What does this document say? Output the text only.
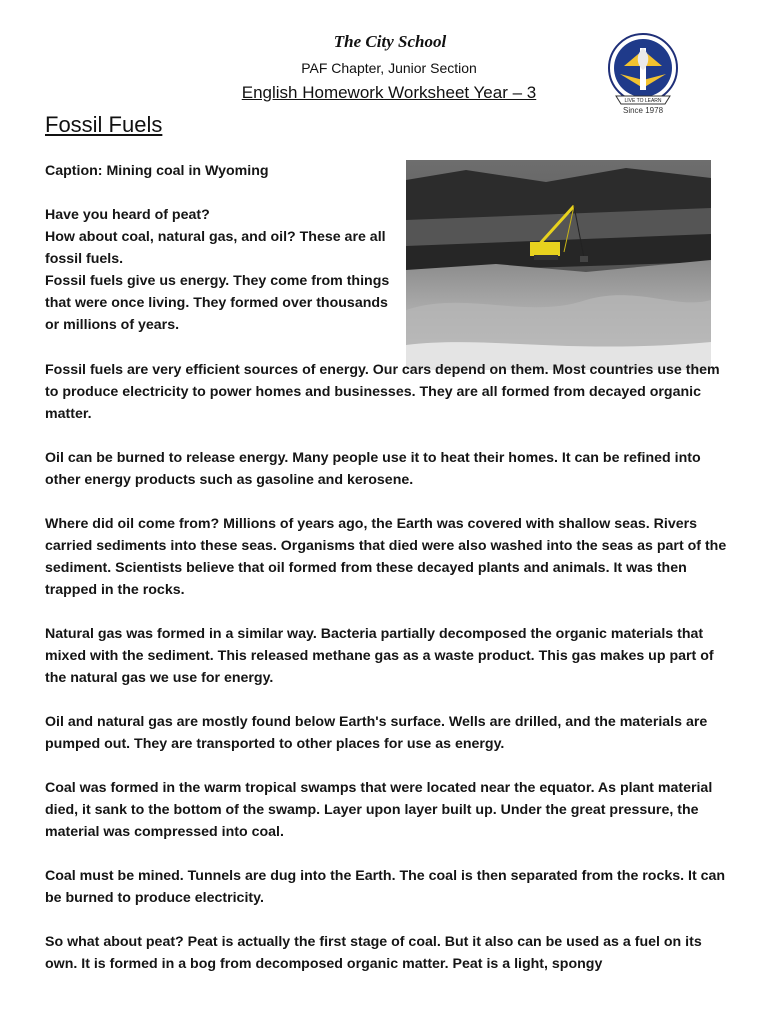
The City School
PAF Chapter, Junior Section
English Homework Worksheet Year – 3	LIVE TO LEARN
Since 1978
Fossil Fuels

Caption: Mining coal in Wyoming

Have you heard of peat?

How about coal, natural gas, and oil? These are all fossil fuels.

Fossil fuels give us energy. They come from things that were once living. They formed over thousands or millions of years.

Fossil fuels are very efficient sources of energy. Our cars depend on them. Most countries use them to produce electricity to power homes and businesses. They are all formed from decayed organic matter.

Oil can be burned to release energy. Many people use it to heat their homes. It can be refined into other energy products such as gasoline and kerosene.

Where did oil come from? Millions of years ago, the Earth was covered with shallow seas. Rivers carried sediments into these seas. Organisms that died were also washed into the seas as part of the sediment. Scientists believe that oil formed from these decayed plants and animals. It was then trapped in the rocks.

Natural gas was formed in a similar way. Bacteria partially decomposed the organic materials that mixed with the sediment. This released methane gas as a waste product. This gas makes up part of the natural gas we use for energy.

Oil and natural gas are mostly found below Earth's surface. Wells are drilled, and the materials are pumped out. They are transported to other places for use as energy.

Coal was formed in the warm tropical swamps that were located near the equator. As plant material died, it sank to the bottom of the swamp. Layer upon layer built up. Under the great pressure, the material was compressed into coal.

Coal must be mined. Tunnels are dug into the Earth. The coal is then separated from the rocks. It can be burned to produce electricity.

So what about peat? Peat is actually the first stage of coal. But it also can be used as a fuel on its own. It is formed in a bog from decomposed organic matter. Peat is a light, spongy
